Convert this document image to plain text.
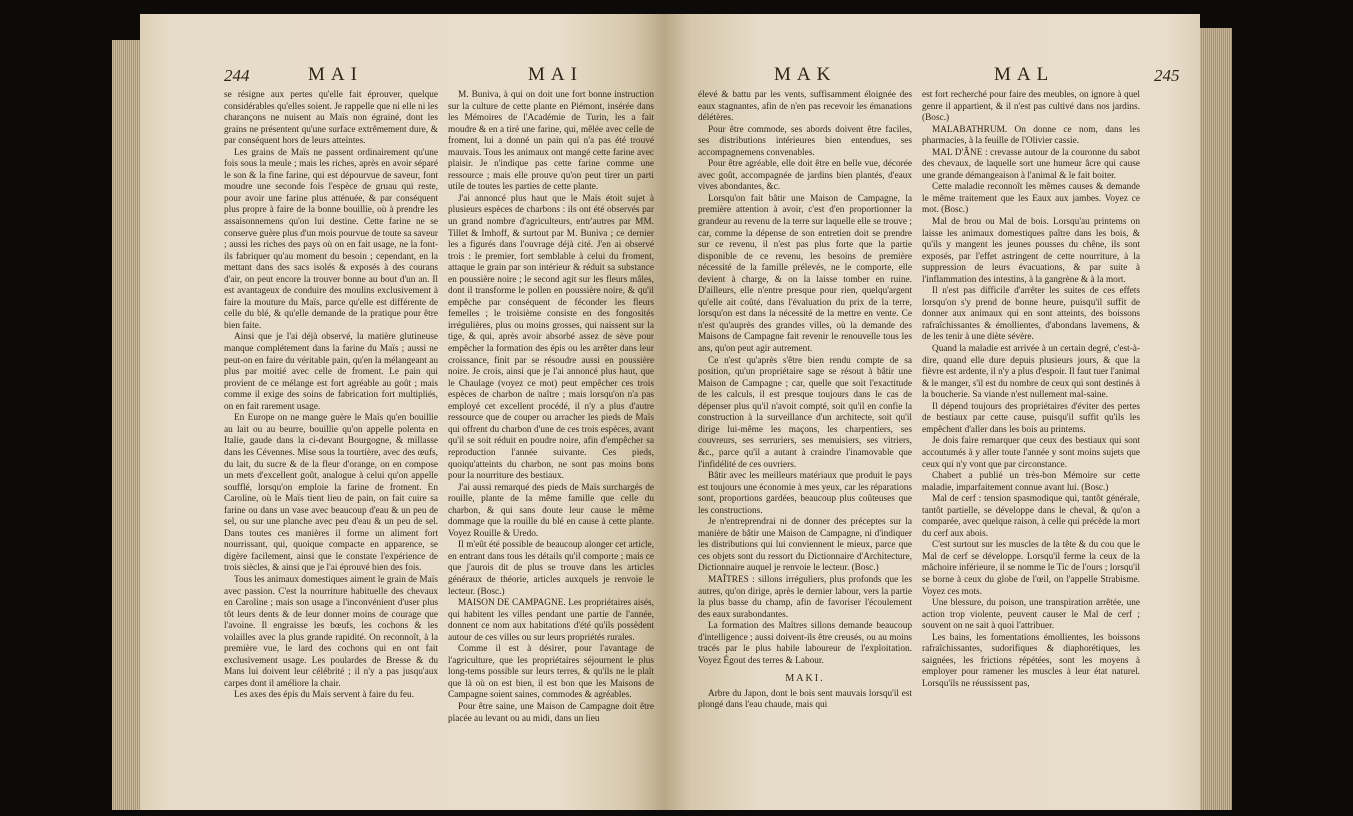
244	MAI	MAI

se résigne aux pertes qu'elle fait éprouver, quelque considérables qu'elles soient. Je rappelle que ni elle ni les charançons ne nuisent au Maïs non égrainé, dont les grains ne présentent qu'une surface extrêmement dure, & par conséquent hors de leurs atteintes.

Les grains de Maïs ne passent ordinairement qu'une fois sous la meule ; mais les riches, après en avoir séparé le son & la fine farine, qui est dépourvue de saveur, font moudre une seconde fois l'espèce de gruau qui reste, pour avoir une farine plus atténuée, & par conséquent plus propre à faire de la bonne bouillie, où à prendre les assaisonnemens qu'on lui destine. Cette farine ne se conserve guère plus d'un mois pourvue de toute sa saveur ; aussi les riches des pays où on en fait usage, ne la font-ils fabriquer qu'au moment du besoin ; cependant, en la mettant dans des sacs isolés & exposés à des courans d'air, on peut encore la trouver bonne au bout d'un an. Il est avantageux de conduire des moulins exclusivement à faire la mouture du Maïs, parce qu'elle est différente de celle du blé, & qu'elle demande de la pratique pour être bien faite.

Ainsi que je l'ai déjà observé, la matière glutineuse manque complétement dans la farine du Maïs ; aussi ne peut-on en faire du véritable pain, qu'en la mélangeant au plus par moitié avec celle de froment. Le pain qui provient de ce mélange est fort agréable au goût ; mais comme il exige des soins de fabrication fort multipliés, on en fait rarement usage.

En Europe on ne mange guère le Maïs qu'en bouillie au lait ou au beurre, bouillie qu'on appelle polenta en Italie, gaude dans la ci-devant Bourgogne, & millasse dans les Cévennes. Mise sous la tourtière, avec des œufs, du lait, du sucre & de la fleur d'orange, on en compose un mets d'excellent goût, analogue à celui qu'on appelle soufflé, lorsqu'on emploie la farine de froment. En Caroline, où le Maïs tient lieu de pain, on fait cuire sa farine ou dans un vase avec beaucoup d'eau & un peu de sel, ou sur une planche avec peu d'eau & un peu de sel. Dans toutes ces manières il forme un aliment fort nourrissant, qui, quoique compacte en apparence, se digère facilement, ainsi que le constate l'expérience de trois siècles, & ainsi que je l'ai éprouvé bien des fois.

Tous les animaux domestiques aiment le grain de Maïs avec passion. C'est la nourriture habituelle des chevaux en Caroline ; mais son usage a l'inconvénient d'user plus tôt leurs dents & de leur donner moins de courage que l'avoine. Il engraisse les bœufs, les cochons & les volailles avec la plus grande rapidité. On reconnoît, à la première vue, le lard des cochons qui en ont fait exclusivement usage. Les poulardes de Bresse & du Mans lui doivent leur célébrité ; il n'y a pas jusqu'aux carpes dont il améliore la chair.

Les axes des épis du Maïs servent à faire du feu.

M. Buniva, à qui on doit une fort bonne instruction sur la culture de cette plante en Piémont, insérée dans les Mémoires de l'Académie de Turin, les a fait moudre & en a tiré une farine, qui, mêlée avec celle de froment, lui a donné un pain qui n'a pas été trouvé mauvais. Tous les animaux ont mangé cette farine avec plaisir. Je n'indique pas cette farine comme une ressource ; mais elle prouve qu'on peut tirer un parti utile de toutes les parties de cette plante.

J'ai annoncé plus haut que le Maïs étoit sujet à plusieurs espèces de charbons : ils ont été observés par un grand nombre d'agriculteurs, entr'autres par MM. Tillet & Imhoff, & surtout par M. Buniva ; ce dernier les a figurés dans l'ouvrage déjà cité. J'en ai observé trois : le premier, fort semblable à celui du froment, attaque le grain par son intérieur & réduit sa substance en poussière noire ; le second agit sur les fleurs mâles, dont il transforme le pollen en poussière noire, & qu'il empêche par conséquent de féconder les fleurs femelles ; le troisième consiste en des fongosités irrégulières, plus ou moins grosses, qui naissent sur la tige, & qui, après avoir absorbé assez de sève pour empêcher la formation des épis ou les arrêter dans leur croissance, finit par se résoudre aussi en poussière noire. Je crois, ainsi que je l'ai annoncé plus haut, que le Chaulage (voyez ce mot) peut empêcher ces trois espèces de charbon de naître ; mais lorsqu'on n'a pas employé cet excellent procédé, il n'y a plus d'autre ressource que de couper ou arracher les pieds de Maïs qui offrent du charbon d'une de ces trois espèces, avant qu'il se soit réduit en poudre noire, afin d'empêcher sa reproduction l'année suivante. Ces pieds, quoiqu'atteints du charbon, ne sont pas moins bons pour la nourriture des bestiaux.

J'ai aussi remarqué des pieds de Maïs surchargés de rouille, plante de la même famille que celle du charbon, & qui sans doute leur cause le même dommage que la rouille du blé en cause à cette plante. Voyez Rouille & Uredo.

Il m'eût été possible de beaucoup alonger cet article, en entrant dans tous les détails qu'il comporte ; mais ce que j'aurois dit de plus se trouve dans les articles généraux de théorie, articles auxquels je renvoie le lecteur. (Bosc.)

MAISON DE CAMPAGNE. Les propriétaires aisés, qui habitent les villes pendant une partie de l'année, donnent ce nom aux habitations d'été qu'ils possèdent autour de ces villes ou sur leurs propriétés rurales.

Comme il est à désirer, pour l'avantage de l'agriculture, que les propriétaires séjournent le plus long-tems possible sur leurs terres, & qu'ils ne le plaît que là où on est bien, il est bon que les Maisons de Campagne soient saines, commodes & agréables.

Pour être saine, une Maison de Campagne doit être placée au levant ou au midi, dans un lieu

MAK	MAL	245

élevé & battu par les vents, suffisamment éloignée des eaux stagnantes, afin de n'en pas recevoir les émanations délétères.

Pour être commode, ses abords doivent être faciles, ses distributions intérieures bien entendues, ses accompagnemens convenables.

Pour être agréable, elle doit être en belle vue, décorée avec goût, accompagnée de jardins bien plantés, d'eaux vives abondantes, &c.

Lorsqu'on fait bâtir une Maison de Campagne, la première attention à avoir, c'est d'en proportionner la grandeur au revenu de la terre sur laquelle elle se trouve ; car, comme la dépense de son entretien doit se prendre sur ce revenu, il n'est pas plus forte que la partie disponible de ce revenu, les besoins de première nécessité de la famille prélevés, ne le comporte, elle devient à charge, & on la laisse tomber en ruine. D'ailleurs, elle n'entre presque pour rien, quelqu'argent qu'elle ait coûté, dans l'évaluation du prix de la terre, lorsqu'on est dans la nécessité de la mettre en vente. Ce n'est qu'auprès des grandes villes, où la demande des Maisons de Campagne fait revenir le renouvelle tous les ans, qu'on peut agir autrement.

Ce n'est qu'après s'être bien rendu compte de sa position, qu'un propriétaire sage se résout à bâtir une Maison de Campagne ; car, quelle que soit l'exactitude de les calculs, il est presque toujours dans le cas de dépenser plus qu'il n'avoit compté, soit qu'il en confie la construction à la surveillance d'un architecte, soit qu'il dirige lui-même les maçons, les charpentiers, ses couvreurs, ses serruriers, ses menuisiers, ses vitriers, &c., parce qu'il a autant à craindre l'inamovable que l'infidélité de ces ouvriers.

Bâtir avec les meilleurs matériaux que produit le pays est toujours une économie à mes yeux, car les réparations sont, proportions gardées, beaucoup plus coûteuses que les constructions.

Je n'entreprendrai ni de donner des préceptes sur la manière de bâtir une Maison de Campagne, ni d'indiquer les distributions qui lui conviennent le mieux, parce que ces objets sont du ressort du Dictionnaire d'Architecture, Dictionnaire auquel je renvoie le lecteur. (Bosc.)

MAÎTRES : sillons irréguliers, plus profonds que les autres, qu'on dirige, après le dernier labour, vers la partie la plus basse du champ, afin de favoriser l'écoulement des eaux surabondantes.

La formation des Maîtres sillons demande beaucoup d'intelligence ; aussi doivent-ils être creusés, ou au moins tracés par le plus habile laboureur de l'exploitation. Voyez Égout des terres & Labour.

MAKI.

Arbre du Japon, dont le bois sent mauvais lorsqu'il est plongé dans l'eau chaude, mais qui

est fort recherché pour faire des meubles, on ignore à quel genre il appartient, & il n'est pas cultivé dans nos jardins. (Bosc.)

MALABATHRUM. On donne ce nom, dans les pharmacies, à la feuille de l'Olivier cassie.

MAL D'ÂNE : crevasse autour de la couronne du sabot des chevaux, de laquelle sort une humeur âcre qui cause une grande démangeaison à l'animal & le fait boiter.

Cette maladie reconnoît les mêmes causes & demande le même traitement que les Eaux aux jambes. Voyez ce mot. (Bosc.)

Mal de brou ou Mal de bois. Lorsqu'au printems on laisse les animaux domestiques paître dans les bois, & qu'ils y mangent les jeunes pousses du chêne, ils sont exposés, par l'effet astringent de cette nourriture, à la suppression de leurs évacuations, & par suite à l'inflammation des intestins, à la gangrène & à la mort.

Il n'est pas difficile d'arrêter les suites de ces effets lorsqu'on s'y prend de bonne heure, puisqu'il suffit de donner aux animaux qui en sont atteints, des boissons rafraîchissantes & émollientes, d'abondans lavemens, & de les tenir à une diète sévère.

Quand la maladie est arrivée à un certain degré, c'est-à-dire, quand elle dure depuis plusieurs jours, & que la fièvre est ardente, il n'y a plus d'espoir. Il faut tuer l'animal & le manger, s'il est du nombre de ceux qui sont destinés à la boucherie. Sa viande n'est nullement mal-saine.

Il dépend toujours des propriétaires d'éviter des pertes de bestiaux par cette cause, puisqu'il suffit qu'ils les empêchent d'aller dans les bois au printems.

Je dois faire remarquer que ceux des bestiaux qui sont accoutumés à y aller toute l'année y sont moins sujets que ceux qui n'y vont que par circonstance.

Chabert a publié un très-bon Mémoire sur cette maladie, imparfaitement connue avant lui. (Bosc.)

Mal de cerf : tension spasmodique qui, tantôt générale, tantôt partielle, se développe dans le cheval, & qu'on a comparée, avec quelque raison, à celle qui précède la mort du cerf aux abois.

C'est surtout sur les muscles de la tête & du cou que le Mal de cerf se développe. Lorsqu'il ferme la ceux de la mâchoire inférieure, il se nomme le Tic de l'ours ; lorsqu'il se borne à ceux du globe de l'œil, on l'appelle Strabisme. Voyez ces mots.

Une blessure, du poison, une transpiration arrêtée, une action trop violente, peuvent causer le Mal de cerf ; souvent on ne sait à quoi l'attribuer.

Les bains, les fomentations émollientes, les boissons rafraîchissantes, sudorifiques & diaphorétiques, les saignées, les frictions répétées, sont les moyens à employer pour ramener les muscles à leur état naturel. Lorsqu'ils ne réussissent pas,
